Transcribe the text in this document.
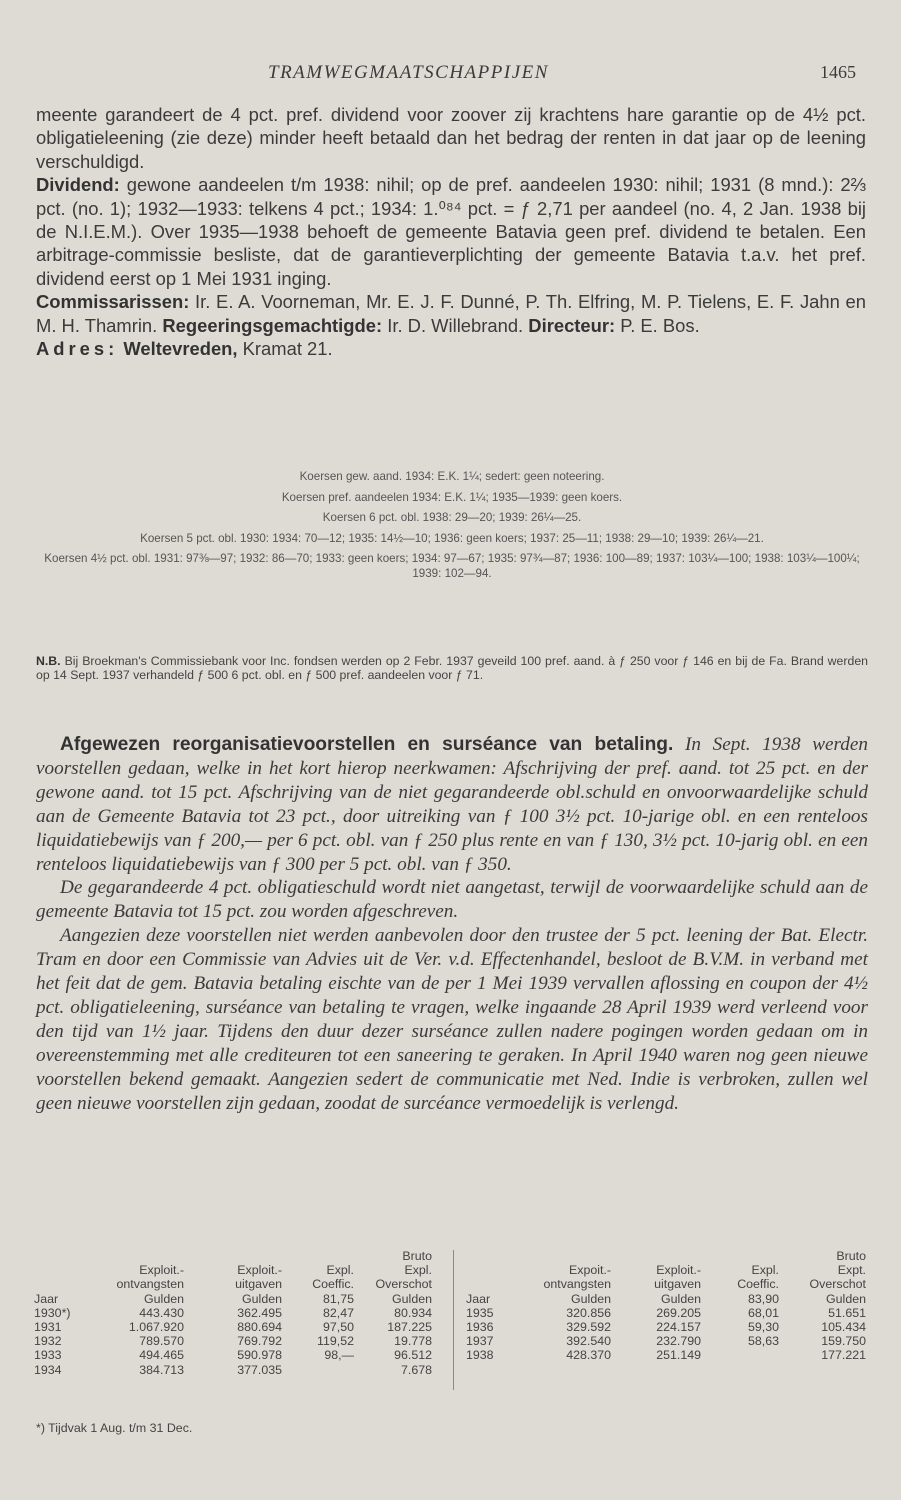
TRAMWEGMAATSCHAPPIJEN	1465

meente garandeert de 4 pct. pref. dividend voor zoover zij krachtens hare garantie op de 4½ pct. obligatieleening (zie deze) minder heeft betaald dan het bedrag der renten in dat jaar op de leening verschuldigd.

Dividend: gewone aandeelen t/m 1938: nihil; op de pref. aandeelen 1930: nihil; 1931 (8 mnd.): 2⅔ pct. (no. 1); 1932—1933: telkens 4 pct.; 1934: 1.⁰⁸⁴ pct. = ƒ 2,71 per aandeel (no. 4, 2 Jan. 1938 bij de N.I.E.M.). Over 1935—1938 behoeft de gemeente Batavia geen pref. dividend te betalen. Een arbitrage-commissie besliste, dat de garantieverplichting der gemeente Batavia t.a.v. het pref. dividend eerst op 1 Mei 1931 inging.

Commissarissen: Ir. E. A. Voorneman, Mr. E. J. F. Dunné, P. Th. Elfring, M. P. Tielens, E. F. Jahn en M. H. Thamrin. Regeeringsgemachtigde: Ir. D. Willebrand. Directeur: P. E. Bos.

Adres: Weltevreden, Kramat 21.

Koersen gew. aand. 1934: E.K. 1¼; sedert: geen noteering.

Koersen pref. aandeelen 1934: E.K. 1¼; 1935—1939: geen koers.

Koersen 6 pct. obl. 1938: 29—20; 1939: 26¼—25.

Koersen 5 pct. obl. 1930: 1934: 70—12; 1935: 14½—10; 1936: geen koers; 1937: 25—11; 1938: 29—10; 1939: 26¼—21.

Koersen 4½ pct. obl. 1931: 97⅜—97; 1932: 86—70; 1933: geen koers; 1934: 97—67; 1935: 97¾—87; 1936: 100—89; 1937: 103¼—100; 1938: 103¼—100¼; 1939: 102—94.

N.B. Bij Broekman's Commissiebank voor Inc. fondsen werden op 2 Febr. 1937 geveild 100 pref. aand. à ƒ 250 voor ƒ 146 en bij de Fa. Brand werden op 14 Sept. 1937 verhandeld ƒ 500 6 pct. obl. en ƒ 500 pref. aandeelen voor ƒ 71.

Afgewezen reorganisatievoorstellen en surséance van betaling. In Sept. 1938 werden voorstellen gedaan, welke in het kort hierop neerkwamen: Afschrijving der pref. aand. tot 25 pct. en der gewone aand. tot 15 pct. Afschrijving van de niet gegarandeerde obl.schuld en onvoorwaardelijke schuld aan de Gemeente Batavia tot 23 pct., door uitreiking van ƒ 100 3½ pct. 10-jarige obl. en een renteloos liquidatiebewijs van ƒ 200,— per 6 pct. obl. van ƒ 250 plus rente en van ƒ 130, 3½ pct. 10-jarig obl. en een renteloos liquidatiebewijs van ƒ 300 per 5 pct. obl. van ƒ 350.

De gegarandeerde 4 pct. obligatieschuld wordt niet aangetast, terwijl de voorwaardelijke schuld aan de gemeente Batavia tot 15 pct. zou worden afgeschreven.

Aangezien deze voorstellen niet werden aanbevolen door den trustee der 5 pct. leening der Bat. Electr. Tram en door een Commissie van Advies uit de Ver. v.d. Effectenhandel, besloot de B.V.M. in verband met het feit dat de gem. Batavia betaling eischte van de per 1 Mei 1939 vervallen aflossing en coupon der 4½ pct. obligatieleening, surséance van betaling te vragen, welke ingaande 28 April 1939 werd verleend voor den tijd van 1½ jaar. Tijdens den duur dezer surséance zullen nadere pogingen worden gedaan om in overeenstemming met alle crediteuren tot een saneering te geraken. In April 1940 waren nog geen nieuwe voorstellen bekend gemaakt. Aangezien sedert de communicatie met Ned. Indie is verbroken, zullen wel geen nieuwe voorstellen zijn gedaan, zoodat de surcéance vermoedelijk is verlengd.

Jaar
1930*)
1931
1932
1933
1934

Exploit.-
ontvangsten
Gulden
443.430
1.067.920
789.570
494.465
384.713

Exploit.-
uitgaven
Gulden
362.495
880.694
769.792
590.978
377.035

Expl.
Coeffic.
81,75
82,47
97,50
119,52
98,—
Bruto
Expl.
Overschot
Gulden
80.934
187.225
19.778
96.512
7.678

Jaar
1935
1936
1937
1938

Expoit.-
ontvangsten
Gulden
320.856
329.592
392.540
428.370

Exploit.-
uitgaven
Gulden
269.205
224.157
232.790
251.149

Expl.
Coeffic.
83,90
68,01
59,30
58,63
Bruto
Expt.
Overschot
Gulden
51.651
105.434
159.750
177.221
*) Tijdvak 1 Aug. t/m 31 Dec.
